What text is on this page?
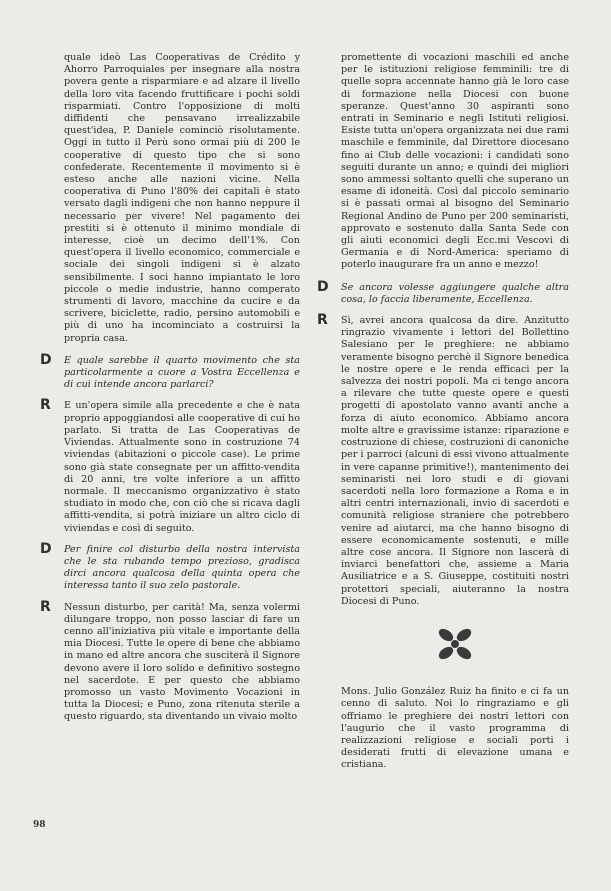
quale ideò Las Cooperativas de Crédito y Ahorro Parroquiales per insegnare alla nostra povera gente a risparmiare e ad alzare il livello della loro vita facendo fruttificare i pochi soldi risparmiati. Contro l'opposizione di molti diffidenti che pensavano irrealizzabile quest'idea, P. Daniele cominciò risolutamente. Oggi in tutto il Perù sono ormai più di 200 le cooperative di questo tipo che si sono confederate. Recentemente il movimento si è esteso anche alle nazioni vicine. Nella cooperativa di Puno l'80% dei capitali è stato versato dagli indigeni che non hanno neppure il necessario per vivere! Nel pagamento dei prestiti si è ottenuto il minimo mondiale di interesse, cioè un decimo dell'1%. Con quest'opera il livello economico, commerciale e sociale dei singoli indigeni si è alzato sensibilmente. I soci hanno impiantato le loro piccole o medie industrie, hanno comperato strumenti di lavoro, macchine da cucire e da scrivere, biciclette, radio, persino automobili e più di uno ha incominciato a costruirsi la propria casa.

D E quale sarebbe il quarto movimento che sta particolarmente a cuore a Vostra Eccellenza e di cui intende ancora parlarci?

R E un'opera simile alla precedente e che è nata proprio appoggiandosi alle cooperative di cui ho parlato. Si tratta de Las Cooperativas de Viviendas. Attualmente sono in costruzione 74 viviendas (abitazioni o piccole case). Le prime sono già state consegnate per un affitto-vendita di 20 anni, tre volte inferiore a un affitto normale. Il meccanismo organizzativo è stato studiato in modo che, con ciò che si ricava dagli affitti-vendita, si potrà iniziare un altro ciclo di viviendas e così di seguito.

D Per finire col disturbo della nostra intervista che le sta rubando tempo prezioso, gradisca dirci ancora qualcosa della quinta opera che interessa tanto il suo zelo pastorale.

R Nessun disturbo, per carità! Ma, senza volermi dilungare troppo, non posso lasciar di fare un cenno all'iniziativa più vitale e importante della mia Diocesi. Tutte le opere di bene che abbiamo in mano ed altre ancora che susciterà il Signore devono avere il loro solido e definitivo sostegno nel sacerdote. E per questo che abbiamo promosso un vasto Movimento Vocazioni in tutta la Diocesi; e Puno, zona ritenuta sterile a questo riguardo, sta diventando un vivaio molto

promettente di vocazioni maschili ed anche per le istituzioni religiose femminili: tre di quelle sopra accennate hanno già le loro case di formazione nella Diocesi con buone speranze. Quest'anno 30 aspiranti sono entrati in Seminario e negli Istituti religiosi. Esiste tutta un'opera organizzata nei due rami maschile e femminile, dal Direttore diocesano fino ai Club delle vocazioni: i candidati sono seguiti durante un anno; e quindi dei migliori sono ammessi soltanto quelli che superano un esame di idoneità. Così dal piccolo seminario si è passati ormai al bisogno del Seminario Regional Andino de Puno per 200 seminaristi, approvato e sostenuto dalla Santa Sede con gli aiuti economici degli Ecc.mi Vescovi di Germania e di Nord-America: speriamo di poterlo inaugurare fra un anno e mezzo!

D Se ancora volesse aggiungere qualche altra cosa, lo faccia liberamente, Eccellenza.

R Sì, avrei ancora qualcosa da dire. Anzitutto ringrazio vivamente i lettori del Bollettino Salesiano per le preghiere: ne abbiamo veramente bisogno perchè il Signore benedica le nostre opere e le renda efficaci per la salvezza dei nostri popoli. Ma ci tengo ancora a rilevare che tutte queste opere e questi progetti di apostolato vanno avanti anche a forza di aiuto economico. Abbiamo ancora molte altre e gravissime istanze: riparazione e costruzione di chiese, costruzioni di canoniche per i parroci (alcuni di essi vivono attualmente in vere capanne primitive!), mantenimento dei seminaristi nei loro studi e di giovani sacerdoti nella loro formazione a Roma e in altri centri internazionali, invio di sacerdoti e comunità religiose straniere che potrebbero venire ad aiutarci, ma che hanno bisogno di essere economicamente sostenuti, e mille altre cose ancora. Il Signore non lascerà di inviarci benefattori che, assieme a Maria Ausiliatrice e a S. Giuseppe, costituiti nostri protettori speciali, aiuteranno la nostra Diocesi di Puno.

Mons. Julio González Ruiz ha finito e ci fa un cenno di saluto. Noi lo ringraziamo e gli offriamo le preghiere dei nostri lettori con l'augurio che il vasto programma di realizzazioni religiose e sociali porti i desiderati frutti di elevazione umana e cristiana.

98
